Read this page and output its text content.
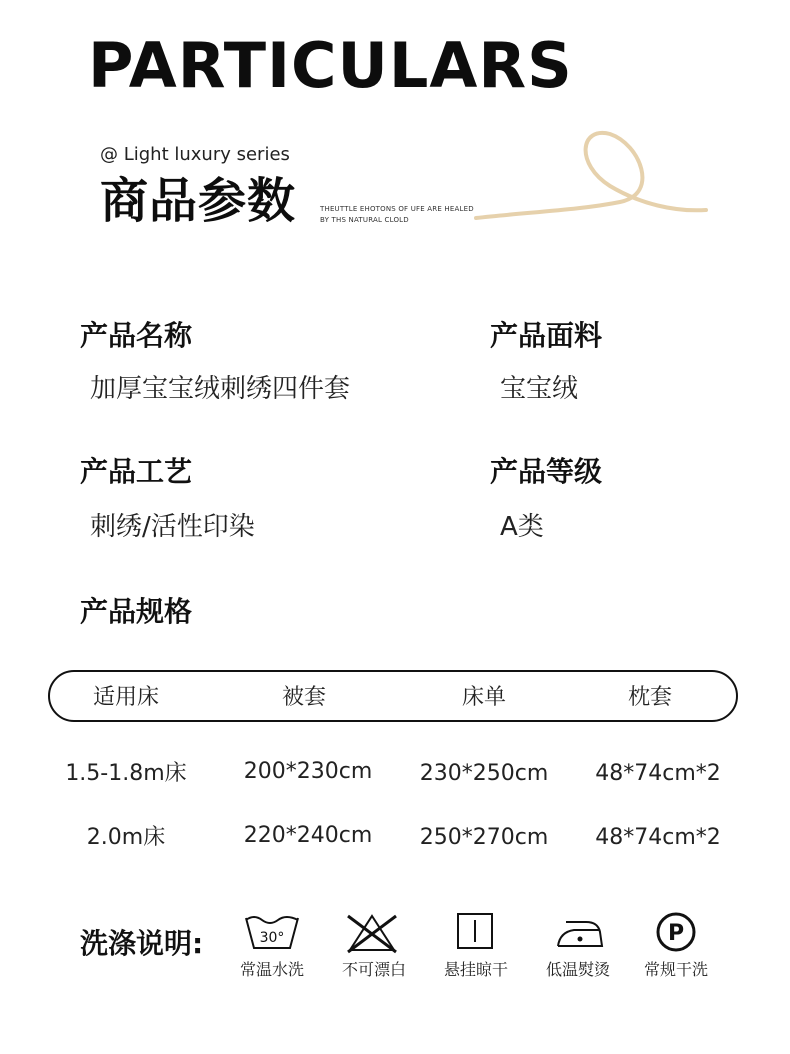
PARTICULARS
@ Light luxury series
商品参数	THEUTTLE EHOTONS OF UFE ARE HEALED
BY THS NATURAL CLOLD
产品名称
加厚宝宝绒刺绣四件套
产品面料
宝宝绒
产品工艺
刺绣/活性印染
产品等级
A类
产品规格
适用床	被套	床单	枕套
1.5-1.8m床	200*230cm	230*250cm	48*74cm*2
2.0m床	220*240cm	250*270cm	48*74cm*2
洗涤说明:	30°
常温水洗	不可漂白	悬挂晾干	低温熨烫
P
常规干洗
